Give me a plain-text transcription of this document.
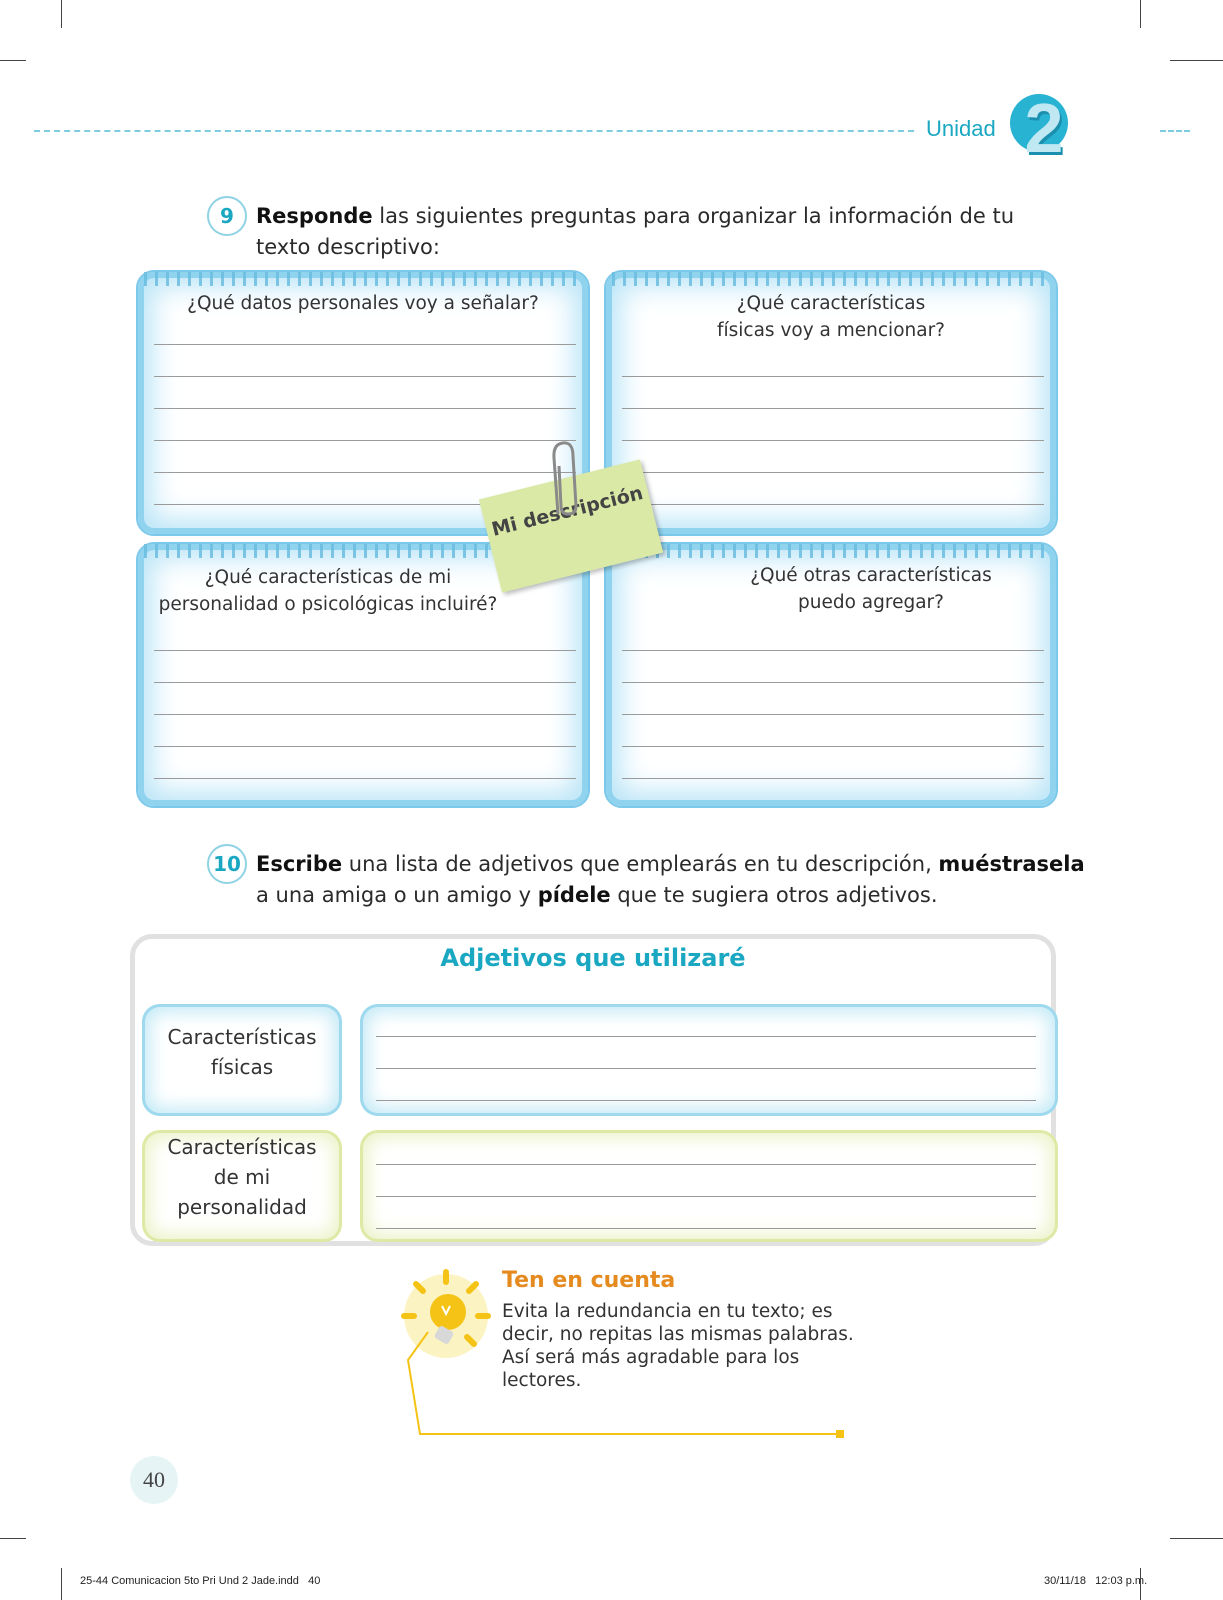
Unidad 2
9	Responde las siguientes preguntas para organizar la información de tu texto descriptivo:
¿Qué datos personales voy a señalar?	¿Qué características físicas voy a mencionar?
¿Qué características de mi personalidad o psicológicas incluiré?
¿Qué otras características puedo agregar?
Mi descripción
10 Escribe una lista de adjetivos que emplearás en tu descripción, muéstrasela a una amiga o un amigo y pídele que te sugiera otros adjetivos.
Adjetivos que utilizaré
Características físicas
Características de mi personalidad
Ten en cuenta
Evita la redundancia en tu texto; es decir, no repitas las mismas palabras. Así será más agradable para los lectores.
40
25-44 Comunicacion 5to Pri Und 2 Jade.indd   40	30/11/18   12:03 p.m.
